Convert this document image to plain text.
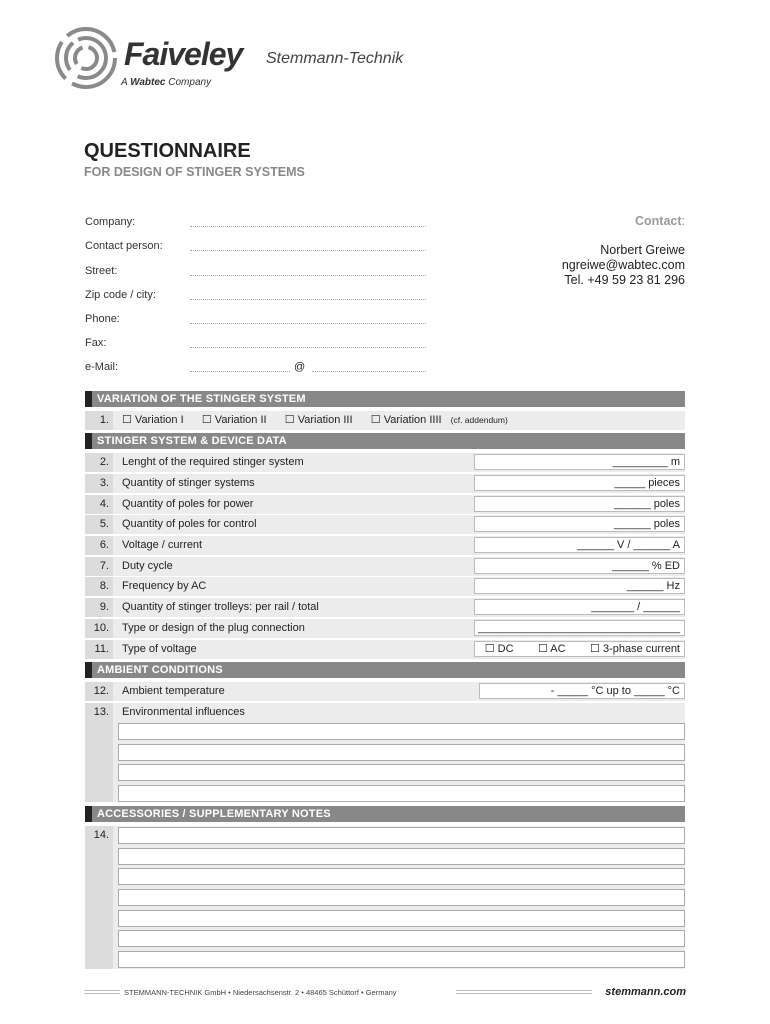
Faiveley Stemmann-Technik
A Wabtec Company
QUESTIONNAIRE
FOR DESIGN OF STINGER SYSTEMS
Company:
Contact person:
Street:
Zip code / city:
Phone:
Fax:
e-Mail:	@
Contact:
Norbert Greiwe
ngreiwe@wabtec.com
Tel. +49 59 23 81 296
VARIATION OF THE STINGER SYSTEM
1.	☐ Variation I ☐ Variation II ☐ Variation III ☐ Variation IIII (cf. addendum)
STINGER SYSTEM & DEVICE DATA
2.	Lenght of the required stinger system	_________ m
3.	Quantity of stinger systems	_____ pieces
4.	Quantity of poles for power	______ poles
5.	Quantity of poles for control	______ poles
6.	Voltage / current	______ V / ______ A
7.	Duty cycle	______ % ED
8.	Frequency by AC	______ Hz
9.	Quantity of stinger trolleys: per rail / total	_______ / ______
10.	Type or design of the plug connection	_________________________________
11.	Type of voltage	☐ DC        ☐ AC        ☐ 3-phase current
AMBIENT CONDITIONS
12.	Ambient temperature	- _____ °C up to _____ °C
13.	Environmental influences
ACCESSORIES / SUPPLEMENTARY NOTES
14.
STEMMANN-TECHNIK GmbH • Niedersachsenstr. 2 • 48465 Schüttorf • Germany	stemmann.com
